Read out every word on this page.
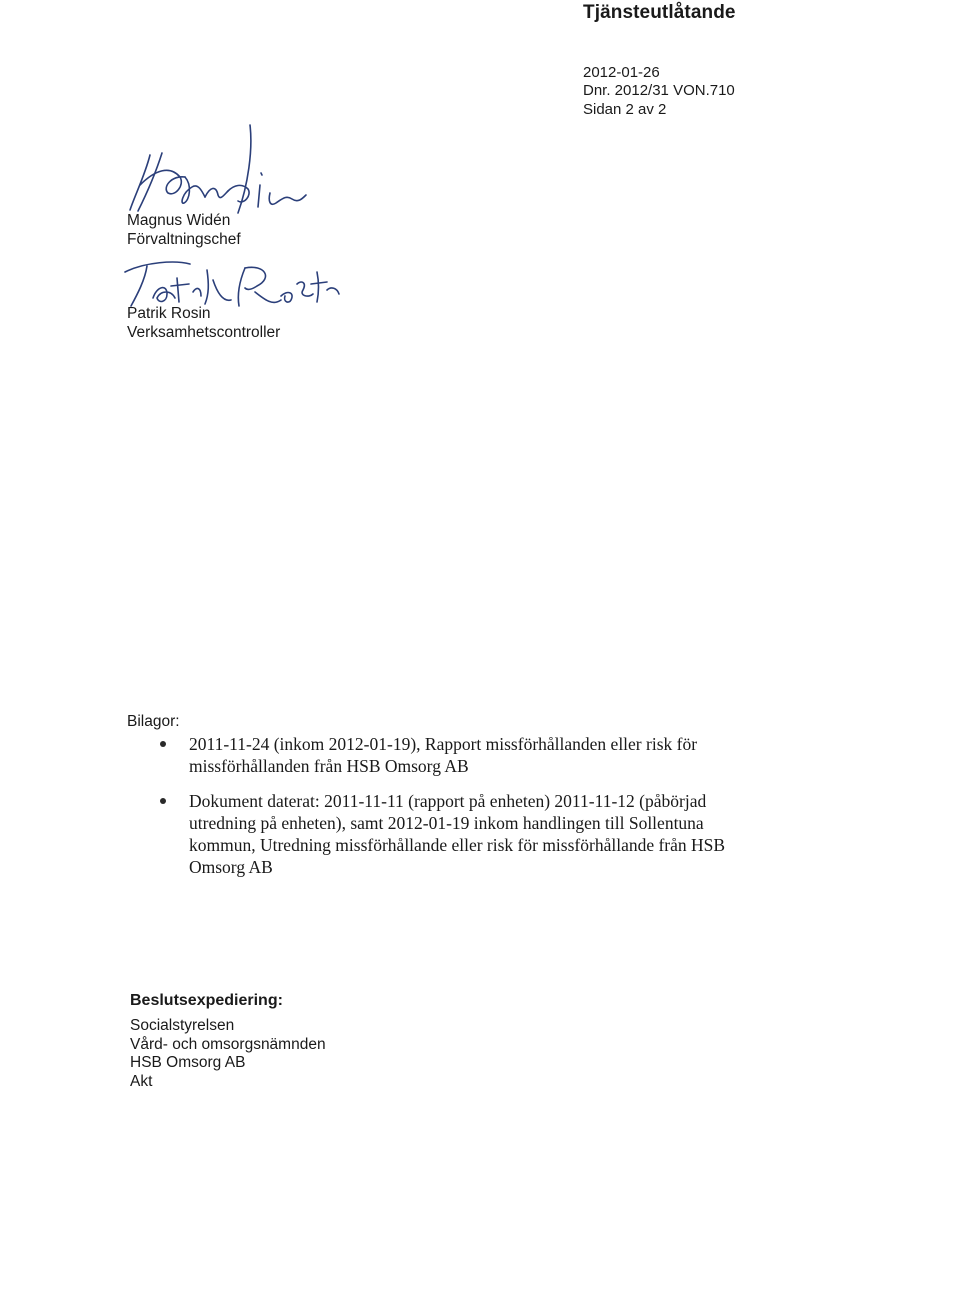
Tjänsteutlåtande
2012-01-26
Dnr. 2012/31 VON.710
Sidan 2 av 2
Magnus Widén
Förvaltningschef
Patrik Rosin
Verksamhetscontroller
Bilagor:
2011-11-24 (inkom 2012-01-19), Rapport missförhållanden eller risk för missförhållanden från HSB Omsorg AB
Dokument daterat: 2011-11-11 (rapport på enheten) 2011-11-12 (påbörjad utredning på enheten), samt 2012-01-19 inkom handlingen till Sollentuna kommun, Utredning missförhållande eller risk för missförhållande från HSB Omsorg AB
Beslutsexpediering:
Socialstyrelsen
Vård- och omsorgsnämnden
HSB Omsorg AB
Akt
